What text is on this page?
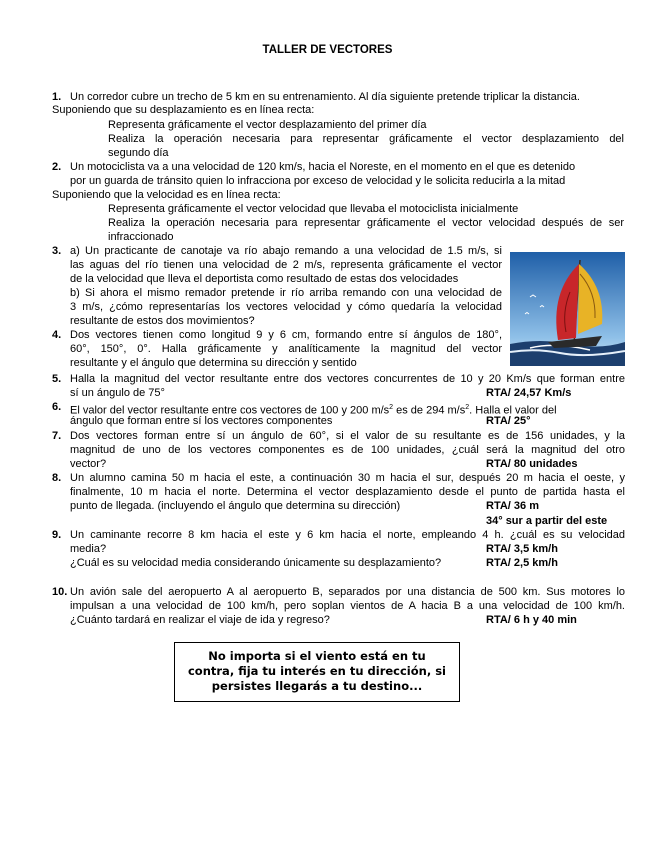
TALLER DE VECTORES
1. Un corredor cubre un trecho de 5 km en su entrenamiento. Al día siguiente pretende triplicar la distancia.
Suponiendo que su desplazamiento es en línea recta:
Representa gráficamente el vector desplazamiento del primer día
Realiza la operación necesaria para representar gráficamente el vector desplazamiento del
segundo día
2. Un motociclista va a una velocidad de 120 km/s, hacia el Noreste, en el momento en el que es detenido
por un guarda de tránsito quien lo infracciona por exceso de velocidad y le solicita reducirla a la mitad
Suponiendo que la velocidad es en línea recta:
Representa gráficamente el vector velocidad que llevaba el motociclista inicialmente
Realiza la operación necesaria para representar gráficamente el vector velocidad después de ser
infraccionado
3. a) Un practicante de canotaje va río abajo remando a una velocidad de 1.5 m/s, si
las aguas del río tienen una velocidad de 2 m/s, representa gráficamente el vector
de la velocidad que lleva el deportista como resultado de estas dos velocidades
b) Si ahora el mismo remador pretende ir río arriba remando con una velocidad de
3 m/s, ¿cómo representarías los vectores velocidad y cómo quedaría la velocidad
resultante de estos dos movimientos?
4. Dos vectores tienen como longitud 9 y 6 cm, formando entre sí ángulos de 180°,
60°, 150°, 0°. Halla gráficamente y analíticamente la magnitud del vector
resultante y el ángulo que determina su dirección y sentido
5. Halla la magnitud del vector resultante entre dos vectores concurrentes de 10 y 20 Km/s que forman entre
sí un ángulo de 75°	RTA/ 24,57 Km/s
6. El valor del vector resultante entre cos vectores de 100 y 200 $m/s^2$ es de 294 $m/s^2$. Halla el valor del
ángulo que forman entre sí los vectores componentes	RTA/ 25°
7. Dos vectores forman entre sí un ángulo de 60°, si el valor de su resultante es de 156 unidades, y la
magnitud de uno de los vectores componentes es de 100 unidades, ¿cuál será la magnitud del otro
vector?	RTA/ 80 unidades
8. Un alumno camina 50 m hacia el este, a continuación 30 m hacia el sur, después 20 m hacia el oeste, y
finalmente, 10 m hacia el norte. Determina el vector desplazamiento desde el punto de partida hasta el
punto de llegada. (incluyendo el ángulo que determina su dirección)	RTA/ 36 m
34° sur a partir del este
9. Un caminante recorre 8 km hacia el este y 6 km hacia el norte, empleando 4 h. ¿cuál es su velocidad
media?	RTA/ 3,5 km/h
¿Cuál es su velocidad media considerando únicamente su desplazamiento?	RTA/ 2,5 km/h
10. Un avión sale del aeropuerto A al aeropuerto B, separados por una distancia de 500 km. Sus motores lo
impulsan a una velocidad de 100 km/h, pero soplan vientos de A hacia B a una velocidad de 100 km/h.
¿Cuánto tardará en realizar el viaje de ida y regreso?	RTA/ 6 h y 40 min
No importa si el viento está en tu
contra, fija tu interés en tu dirección, si
persistes llegarás a tu destino...
